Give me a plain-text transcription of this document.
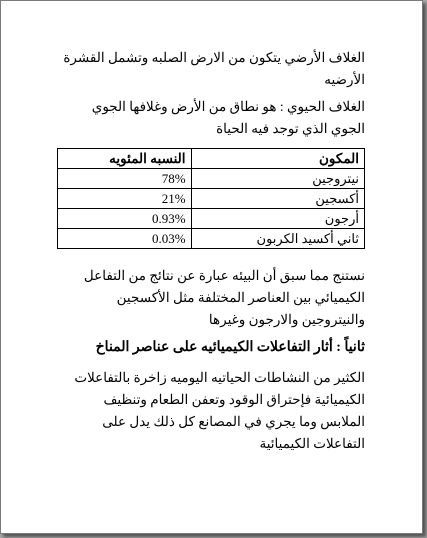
الغلاف الأرضي يتكون من الارض الصلبه وتشمل القشرة الأرضيه

الغلاف الحيوي : هو نطاق من الأرض وغلافها الجوي الجوي الذي توجد فيه الحياة

المكون	النسبه المئويه
نيتروجين	78%
أكسجين	21%
أرجون	0.93%
ثاني أكسيد الكربون	0.03%

نستنج مما سبق أن البيئه عبارة عن نتائج من التفاعل الكيميائي بين العناصر المختلفة مثل الأكسجين والنيتروجين والارجون وغيرها

ثانياً : أثار التفاعلات الكيميائيه على عناصر المناخ

الكثير من النشاطات الحياتيه اليوميه زاخرة بالتفاعلات الكيميائية فإحتراق الوقود وتعفن الطعام وتنظيف الملابس وما يجري في المصانع كل ذلك يدل على التفاعلات الكيميائية
